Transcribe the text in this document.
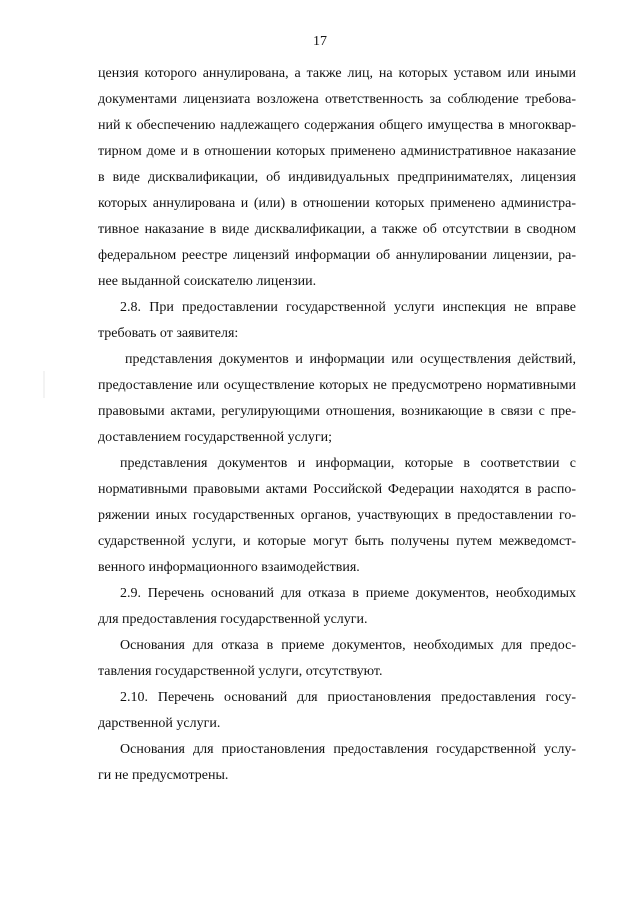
17
цензия которого аннулирована, а также лиц, на которых уставом или иными
документами лицензиата возложена ответственность за соблюдение требова-
ний к обеспечению надлежащего содержания общего имущества в многоквар-
тирном доме и в отношении которых применено административное наказание
в виде дисквалификации, об индивидуальных предпринимателях, лицензия
которых аннулирована и (или) в отношении которых применено администра-
тивное наказание в виде дисквалификации, а также об отсутствии в сводном
федеральном реестре лицензий информации об аннулировании лицензии, ра-
нее выданной соискателю лицензии.
2.8. При предоставлении государственной услуги инспекция не вправе
требовать от заявителя:
представления документов и информации или осуществления действий,
предоставление или осуществление которых не предусмотрено нормативными
правовыми актами, регулирующими отношения, возникающие в связи с пре-
доставлением государственной услуги;
представления документов и информации, которые в соответствии с
нормативными правовыми актами Российской Федерации находятся в распо-
ряжении иных государственных органов, участвующих в предоставлении го-
сударственной услуги, и которые могут быть получены путем межведомст-
венного информационного взаимодействия.
2.9. Перечень оснований для отказа в приеме документов, необходимых
для предоставления государственной услуги.
Основания для отказа в приеме документов, необходимых для предос-
тавления государственной услуги, отсутствуют.
2.10. Перечень оснований для приостановления предоставления госу-
дарственной услуги.
Основания для приостановления предоставления государственной услу-
ги не предусмотрены.
